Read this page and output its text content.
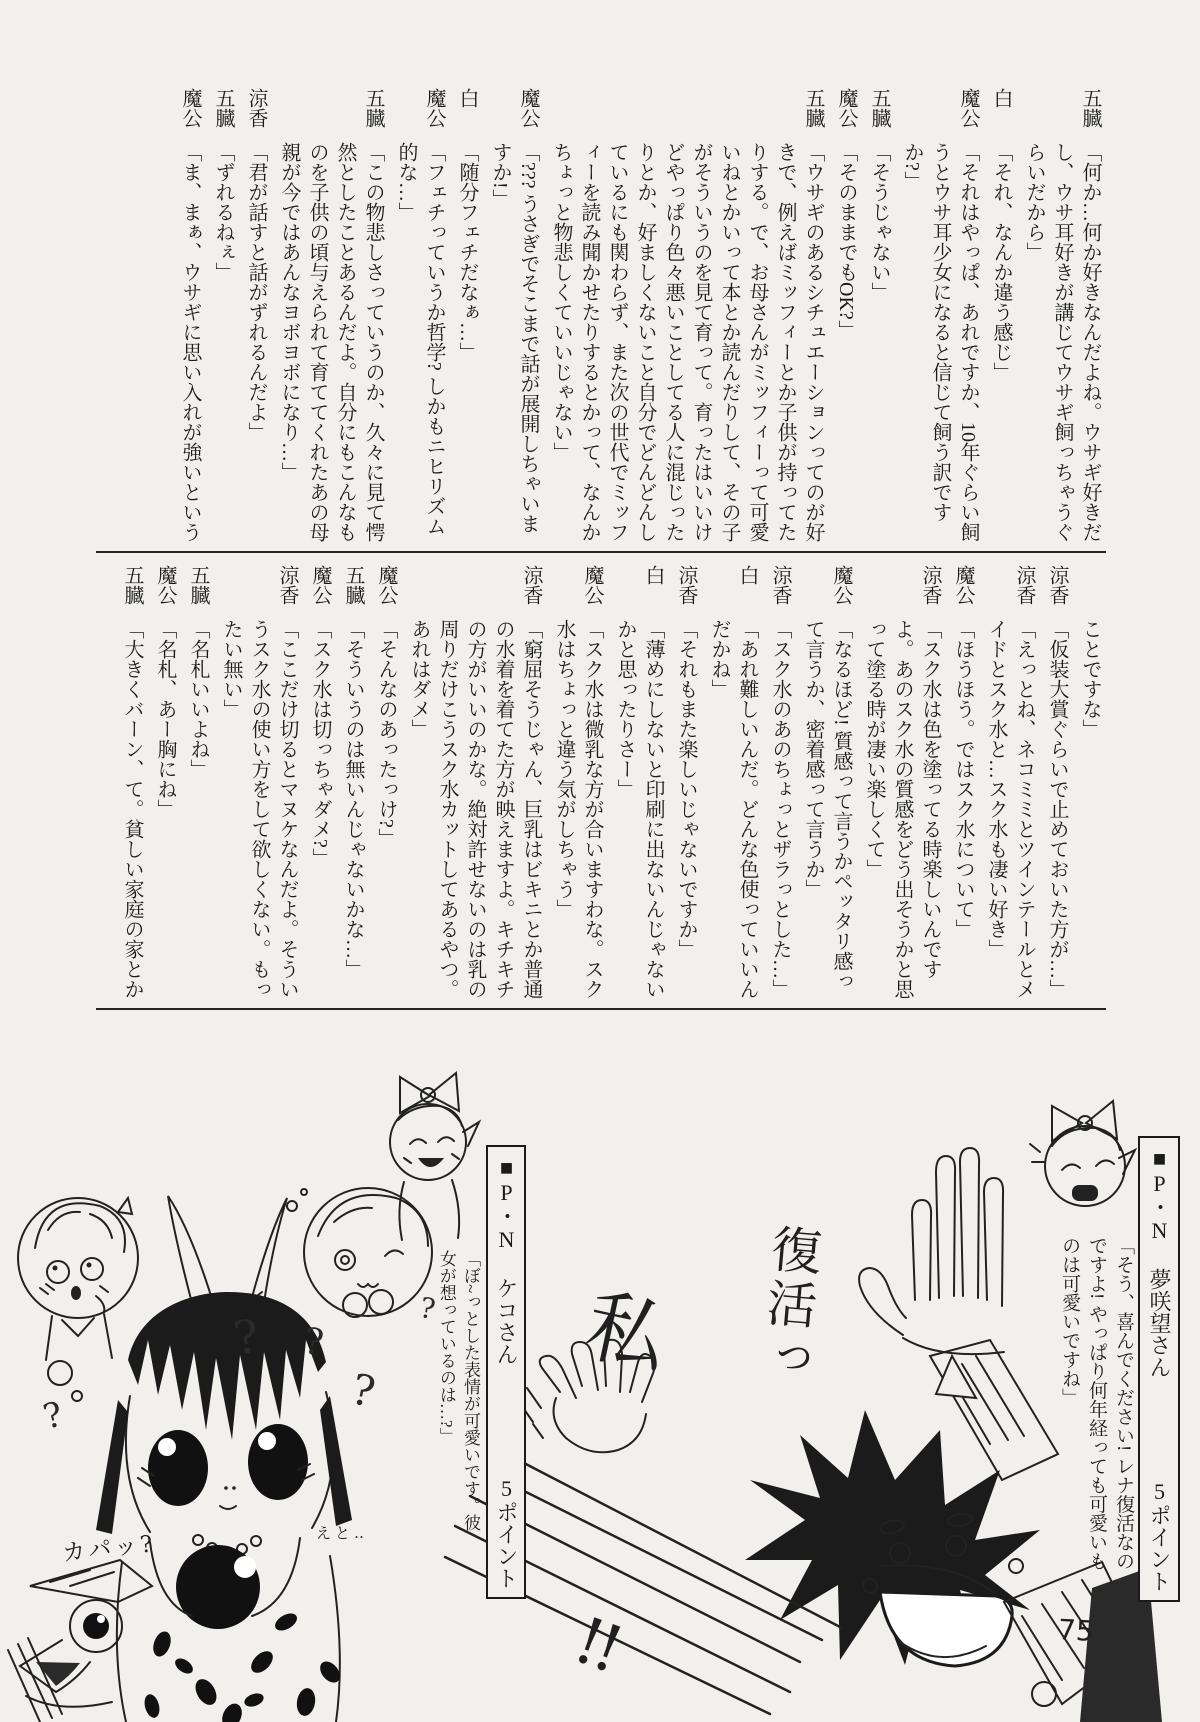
五臓「何か…何か好きなんだよね。ウサギ好きだし、ウサ耳好きが講じてウサギ飼っちゃうぐらいだから」

白「それ、なんか違う感じ」

魔公「それはやっぱ、あれですか、10年ぐらい飼うとウサ耳少女になると信じて飼う訳ですか?」

五臓「そうじゃない」

魔公「そのままでもOK?」

五臓「ウサギのあるシチュエーションってのが好きで、例えばミッフィーとか子供が持ってたりする。で、お母さんがミッフィーって可愛いねとかいって本とか読んだりして、その子がそういうのを見て育って。育ったはいいけどやっぱり色々悪いことしてる人に混じったりとか、好ましくないこと自分でどんどんしているにも関わらず、また次の世代でミッフィーを読み聞かせたりするとかって、なんかちょっと物悲しくていいじゃない」

魔公「??? うさぎでそこまで話が展開しちゃいますか!」

白「随分フェチだなぁ…」

魔公「フェチっていうか哲学? しかもニヒリズム的な…」

五臓「この物悲しさっていうのか、久々に見て愕然としたことあるんだよ。自分にもこんなものを子供の頃与えられて育ててくれたあの母親が今ではあんなヨボヨボになり…」

涼香「君が話すと話がずれるんだよ」

五臓「ずれるねぇ」

魔公「ま、まぁ、ウサギに思い入れが強いという

ことですな」

涼香「仮装大賞ぐらいで止めておいた方が…」

涼香「えっとね、ネコミミとツインテールとメイドとスク水と…スク水も凄い好き」

魔公「ほうほう。ではスク水について」

涼香「スク水は色を塗ってる時楽しいんですよ。あのスク水の質感をどう出そうかと思って塗る時が凄い楽しくて」

魔公「なるほど! 質感って言うかペッタリ感って言うか、密着感って言うか」

涼香「スク水のあのちょっとザラっとした…」

白「あれ難しいんだ。どんな色使っていいんだかね」

涼香「それもまた楽しいじゃないですか」

白「薄めにしないと印刷に出ないんじゃないかと思ったりさー」

魔公「スク水は微乳な方が合いますわな。スク水はちょっと違う気がしちゃう」

涼香「窮屈そうじゃん、巨乳はビキニとか普通の水着を着てた方が映えますよ。キチキチの方がいいのかな。絶対許せないのは乳の周りだけこうスク水カットしてあるやつ。あれはダメ」

魔公「そんなのあったっけ?」

五臓「そういうのは無いんじゃないかな…」

魔公「スク水は切っちゃダメ?」

涼香「ここだけ切るとマヌケなんだよ。そういうスク水の使い方をして欲しくない。もったい無い」

五臓「名札いいよね」

魔公「名札、あー胸にね」

五臓「大きくバーン、て。貧しい家庭の家とか

■P・N 夢咲望さん
5ポイント
「そう、喜んでください! レナ復活なのですよ! やっぱり何年経っても可愛いものは可愛いですね」
■P・N ケコさん
5ポイント
「ぼ~っとした表情が可愛いです。彼女が想っているのは…?」	私 復活っ
!!
カパッ?	えと‥
? ?
?
?
?
75
